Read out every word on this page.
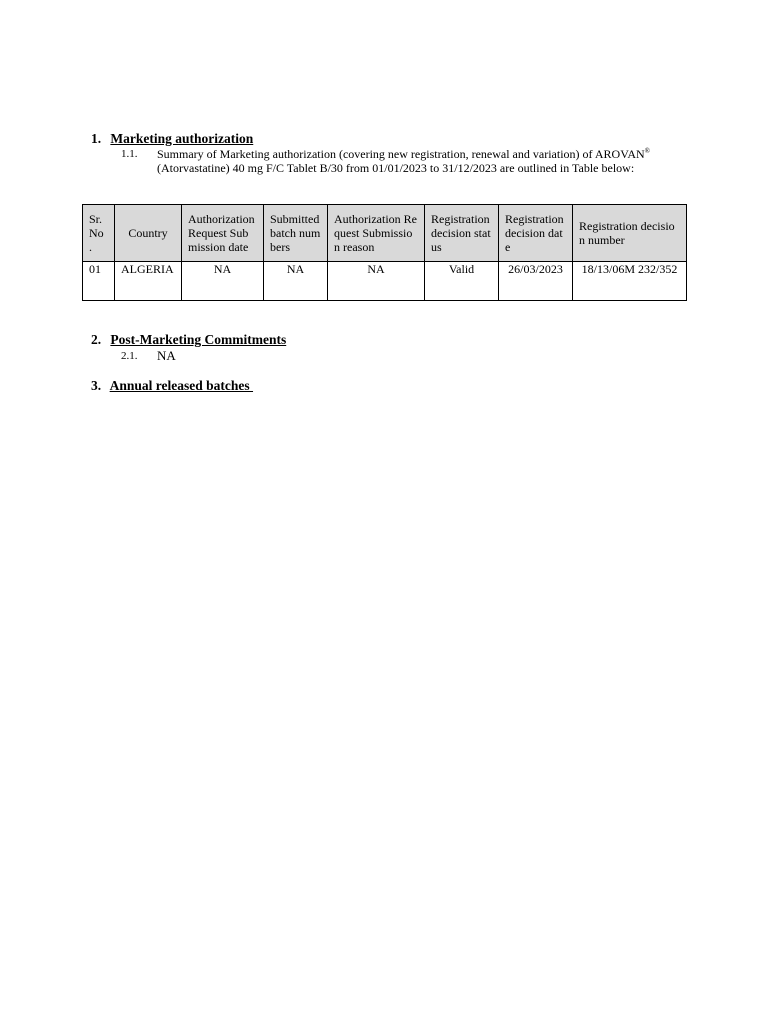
1. Marketing authorization
1.1. Summary of Marketing authorization (covering new registration, renewal and variation) of AROVAN® (Atorvastatine) 40 mg F/C Tablet B/30 from 01/01/2023 to 31/12/2023 are outlined in Table below:
Sr. No .	Country	Authorization Request Submission date	Submitted batch numbers	Authorization Request Submission reason	Registration decision status	Registration decision date	Registration decision number
01	ALGERIA	NA	NA	NA	Valid	26/03/2023	18/13/06M 232/352
2. Post-Marketing Commitments
2.1. NA
3. Annual released batches
